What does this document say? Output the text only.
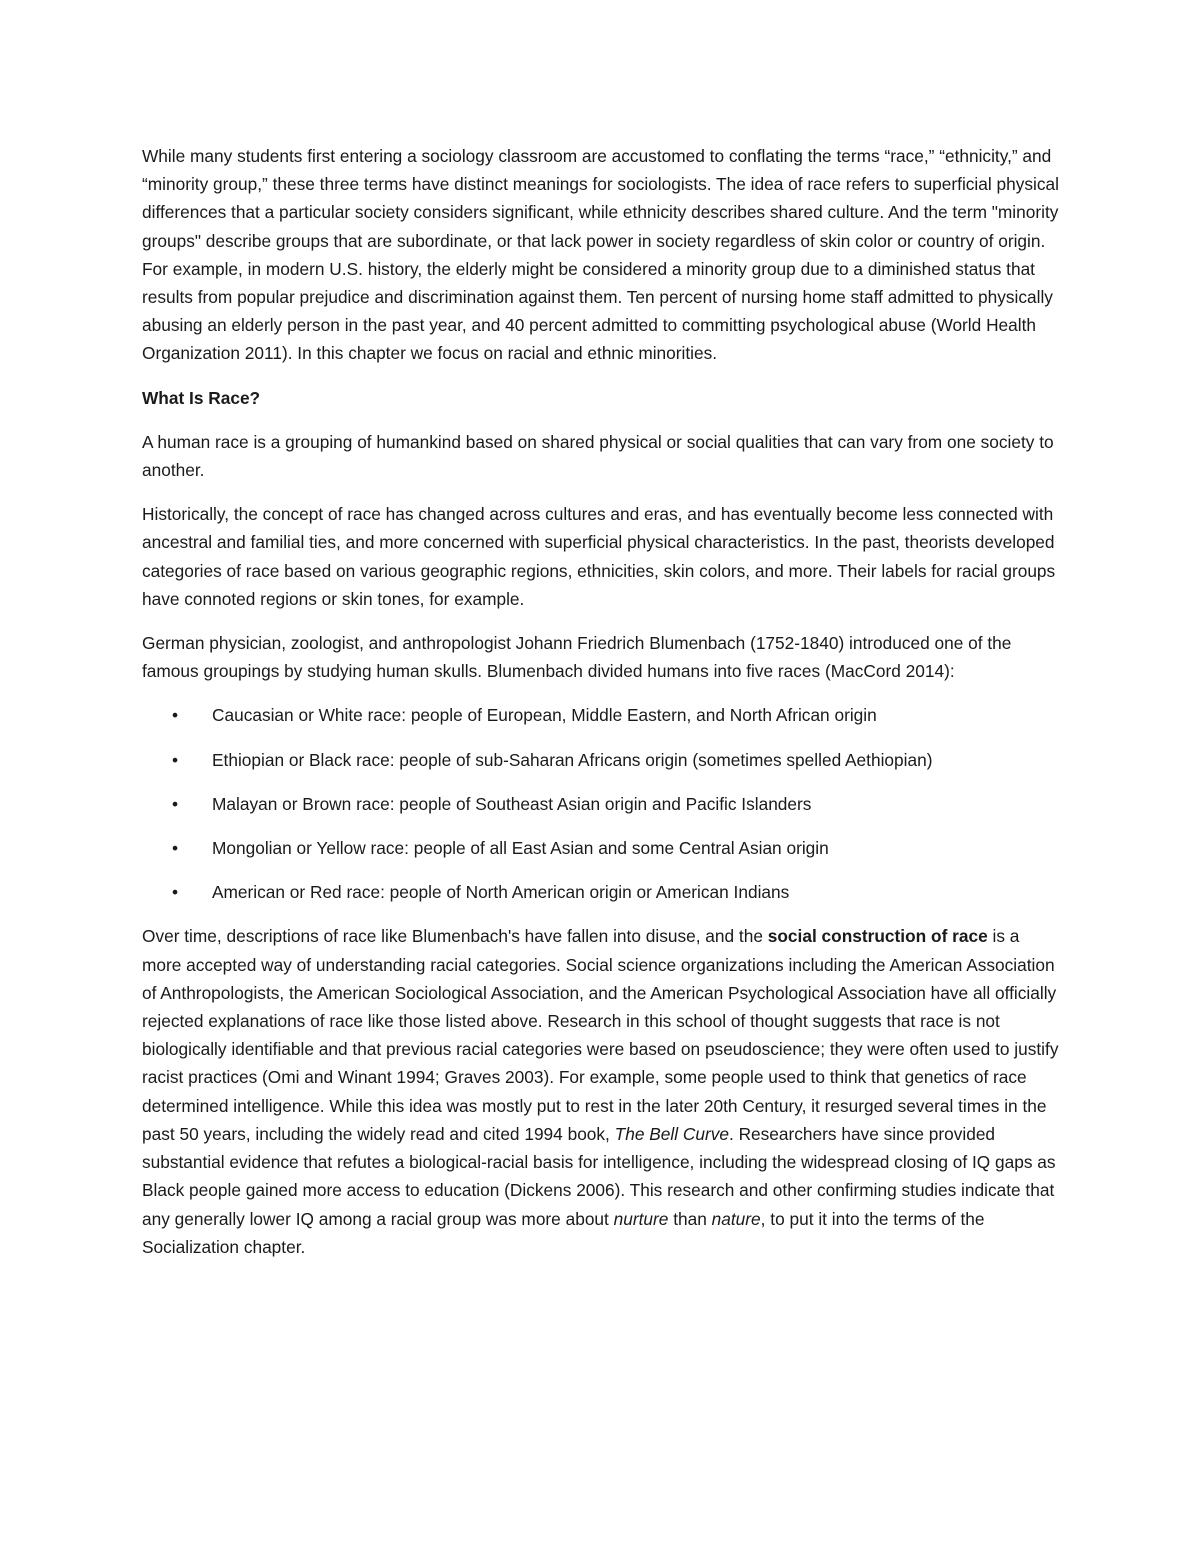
While many students first entering a sociology classroom are accustomed to conflating the terms “race,” “ethnicity,” and “minority group,” these three terms have distinct meanings for sociologists. The idea of race refers to superficial physical differences that a particular society considers significant, while ethnicity describes shared culture. And the term "minority groups" describe groups that are subordinate, or that lack power in society regardless of skin color or country of origin. For example, in modern U.S. history, the elderly might be considered a minority group due to a diminished status that results from popular prejudice and discrimination against them. Ten percent of nursing home staff admitted to physically abusing an elderly person in the past year, and 40 percent admitted to committing psychological abuse (World Health Organization 2011). In this chapter we focus on racial and ethnic minorities.

What Is Race?

A human race is a grouping of humankind based on shared physical or social qualities that can vary from one society to another.

Historically, the concept of race has changed across cultures and eras, and has eventually become less connected with ancestral and familial ties, and more concerned with superficial physical characteristics. In the past, theorists developed categories of race based on various geographic regions, ethnicities, skin colors, and more. Their labels for racial groups have connoted regions or skin tones, for example.

German physician, zoologist, and anthropologist Johann Friedrich Blumenbach (1752-1840) introduced one of the famous groupings by studying human skulls. Blumenbach divided humans into five races (MacCord 2014):

• Caucasian or White race: people of European, Middle Eastern, and North African origin
• Ethiopian or Black race: people of sub-Saharan Africans origin (sometimes spelled Aethiopian)
• Malayan or Brown race: people of Southeast Asian origin and Pacific Islanders
• Mongolian or Yellow race: people of all East Asian and some Central Asian origin
• American or Red race: people of North American origin or American Indians

Over time, descriptions of race like Blumenbach's have fallen into disuse, and the social construction of race is a more accepted way of understanding racial categories. Social science organizations including the American Association of Anthropologists, the American Sociological Association, and the American Psychological Association have all officially rejected explanations of race like those listed above. Research in this school of thought suggests that race is not biologically identifiable and that previous racial categories were based on pseudoscience; they were often used to justify racist practices (Omi and Winant 1994; Graves 2003). For example, some people used to think that genetics of race determined intelligence. While this idea was mostly put to rest in the later 20th Century, it resurged several times in the past 50 years, including the widely read and cited 1994 book, The Bell Curve. Researchers have since provided substantial evidence that refutes a biological-racial basis for intelligence, including the widespread closing of IQ gaps as Black people gained more access to education (Dickens 2006). This research and other confirming studies indicate that any generally lower IQ among a racial group was more about nurture than nature, to put it into the terms of the Socialization chapter.
